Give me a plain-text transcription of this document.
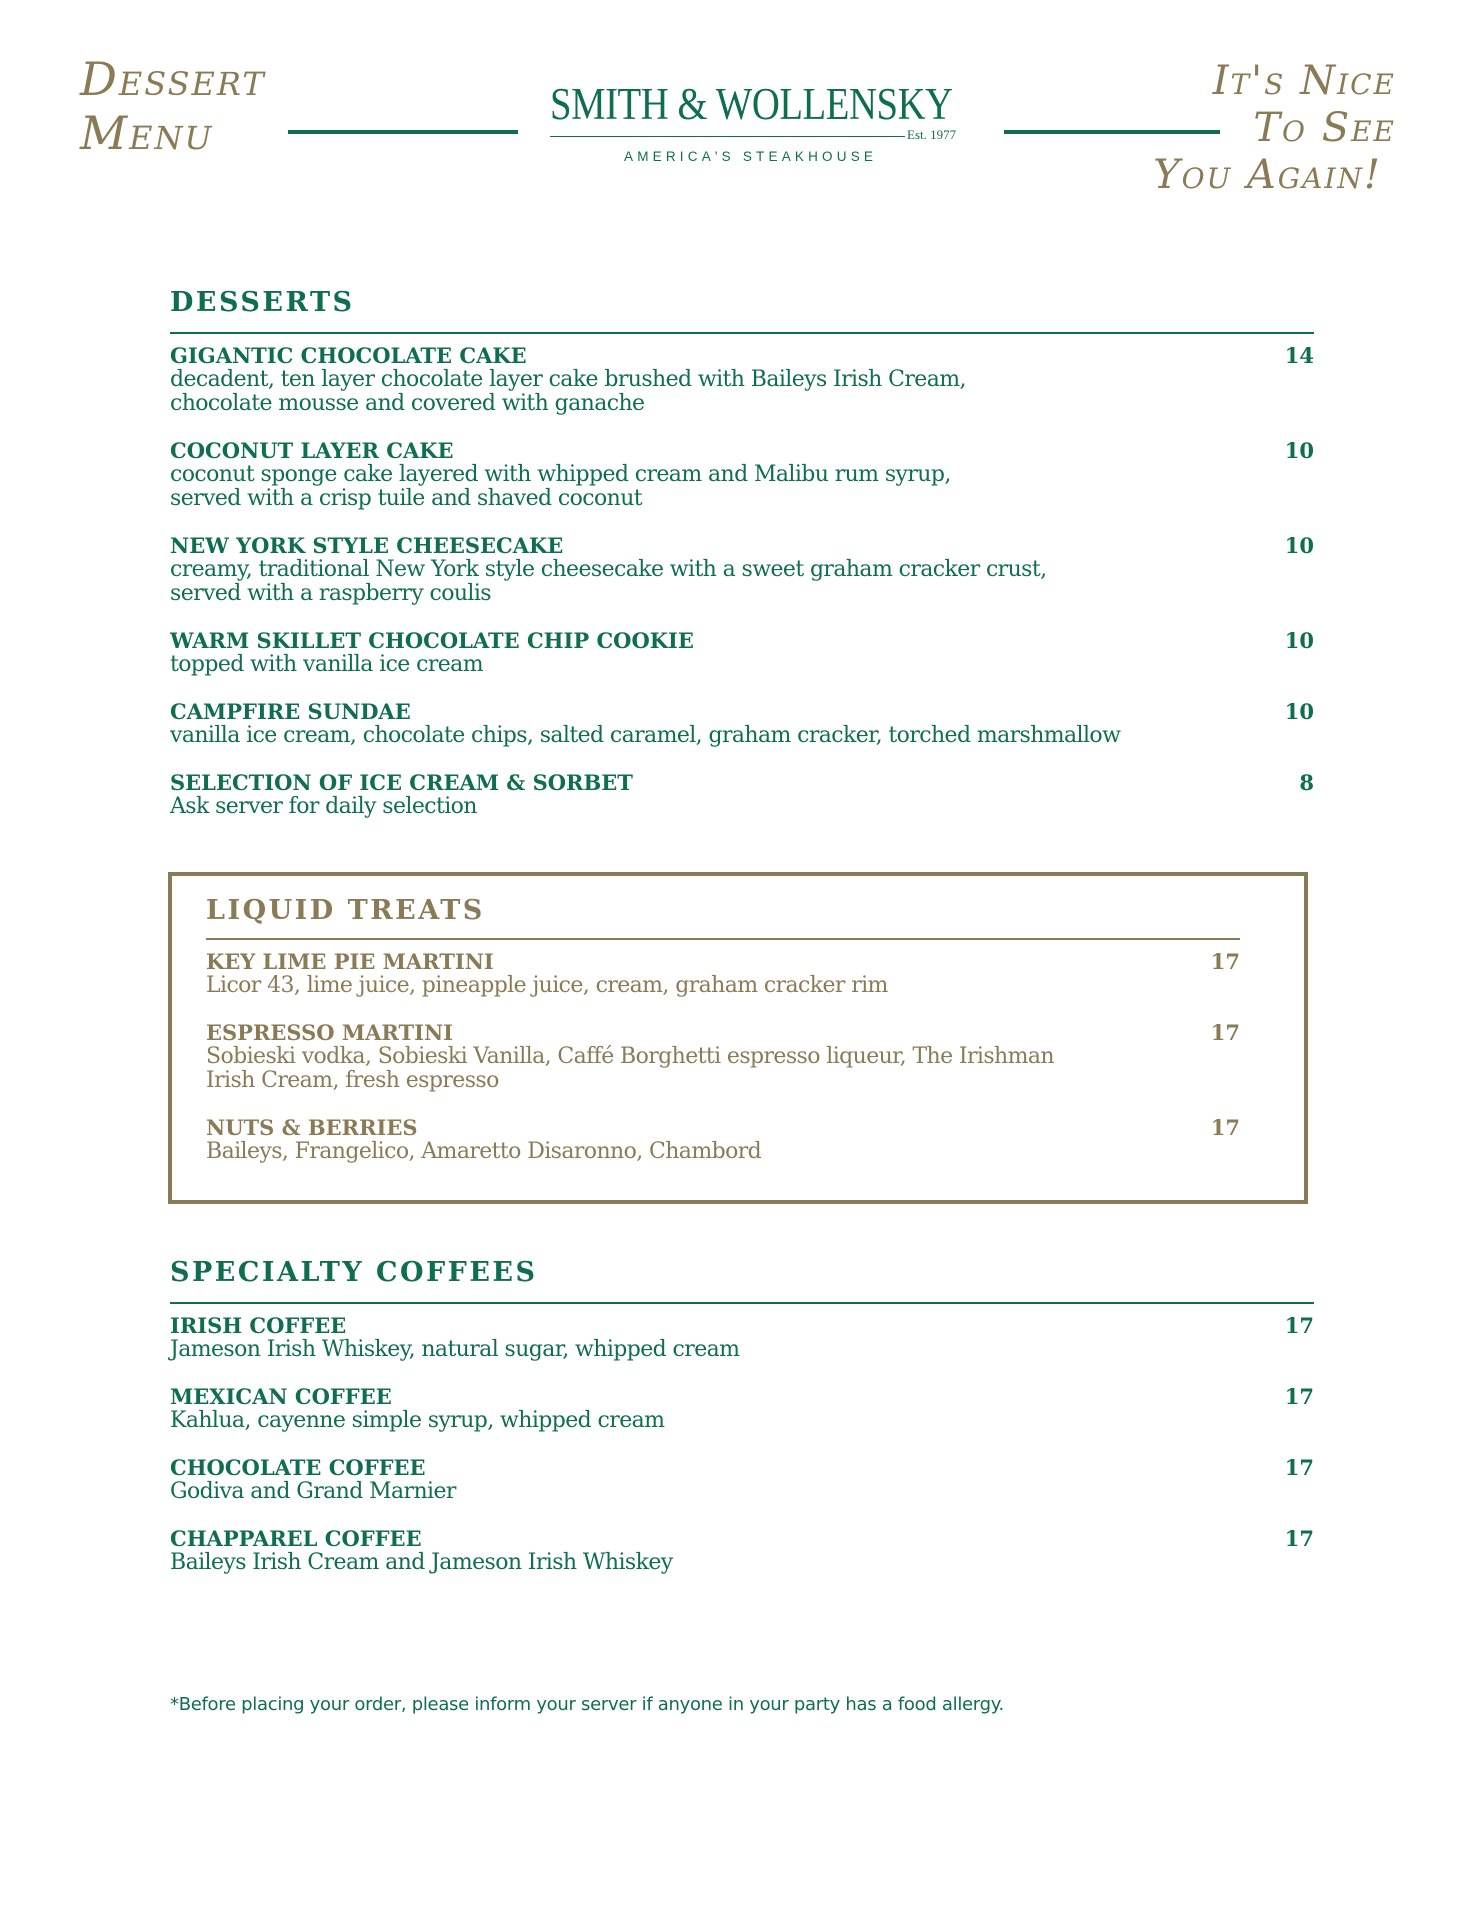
Dessert
Menu
SMITH & WOLLENSKY
Est. 1977
AMERICA'S STEAKHOUSE
It's Nice
To See
You Again!
DESSERTS
GIGANTIC CHOCOLATE CAKE	14
decadent, ten layer chocolate layer cake brushed with Baileys Irish Cream,
chocolate mousse and covered with ganache
COCONUT LAYER CAKE	10
coconut sponge cake layered with whipped cream and Malibu rum syrup,
served with a crisp tuile and shaved coconut
NEW YORK STYLE CHEESECAKE	10
creamy, traditional New York style cheesecake with a sweet graham cracker crust,
served with a raspberry coulis
WARM SKILLET CHOCOLATE CHIP COOKIE	10
topped with vanilla ice cream
CAMPFIRE SUNDAE	10
vanilla ice cream, chocolate chips, salted caramel, graham cracker, torched marshmallow
SELECTION OF ICE CREAM & SORBET	8
Ask server for daily selection
LIQUID TREATS
KEY LIME PIE MARTINI	17
Licor 43, lime juice, pineapple juice, cream, graham cracker rim
ESPRESSO MARTINI	17
Sobieski vodka, Sobieski Vanilla, Caffé Borghetti espresso liqueur, The Irishman
Irish Cream, fresh espresso
NUTS & BERRIES	17
Baileys, Frangelico, Amaretto Disaronno, Chambord
SPECIALTY COFFEES
IRISH COFFEE	17
Jameson Irish Whiskey, natural sugar, whipped cream
MEXICAN COFFEE	17
Kahlua, cayenne simple syrup, whipped cream
CHOCOLATE COFFEE	17
Godiva and Grand Marnier
CHAPPAREL COFFEE	17
Baileys Irish Cream and Jameson Irish Whiskey
*Before placing your order, please inform your server if anyone in your party has a food allergy.
